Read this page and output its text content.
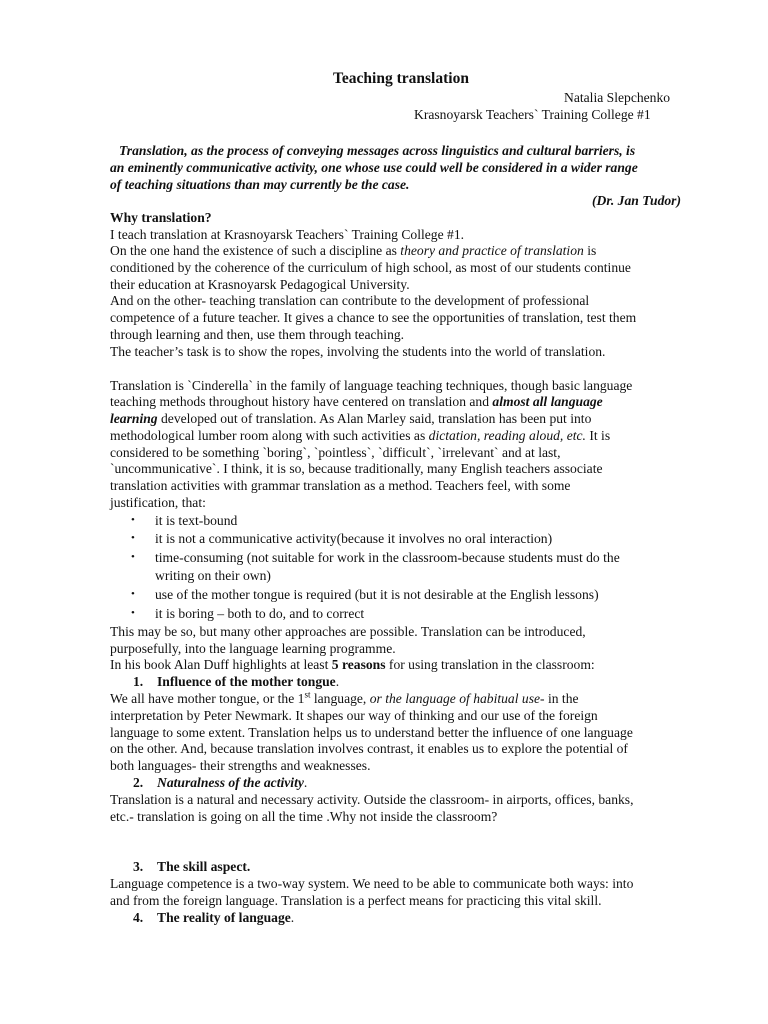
Teaching translation
Natalia Slepchenko
Krasnoyarsk Teachers` Training College #1
Translation, as the process of conveying messages across linguistics and cultural barriers, is
an eminently communicative activity, one whose use could well be considered in a wider range
of teaching situations than may currently be the case.
(Dr. Jan Tudor)
Why translation?
I teach translation at Krasnoyarsk Teachers` Training College #1.
On the one hand the existence of such a discipline as theory and practice of translation is
conditioned by the coherence of the curriculum of high school, as most of our students continue
their education at Krasnoyarsk Pedagogical University.
And on the other- teaching translation can contribute to the development of professional
competence of a future teacher. It gives a chance to see the opportunities of translation, test them
through learning and then, use them through teaching.
The teacher’s task is to show the ropes, involving the students into the world of translation.
Translation is `Cinderella` in the family of language teaching techniques, though basic language
teaching methods throughout history have centered on translation and almost all language
learning developed out of translation. As Alan Marley said, translation has been put into
methodological lumber room along with such activities as dictation, reading aloud, etc. It is
considered to be something `boring`, `pointless`, `difficult`, `irrelevant` and at last,
`uncommunicative`. I think, it is so, because traditionally, many English teachers associate
translation activities with grammar translation as a method. Teachers feel, with some
justification, that:
• it is text-bound
• it is not a communicative activity(because it involves no oral interaction)
• time-consuming (not suitable for work in the classroom-because students must do the
writing on their own)
• use of the mother tongue is required (but it is not desirable at the English lessons)
• it is boring – both to do, and to correct
This may be so, but many other approaches are possible. Translation can be introduced,
purposefully, into the language learning programme.
In his book Alan Duff highlights at least 5 reasons for using translation in the classroom:
1. Influence of the mother tongue.
We all have mother tongue, or the 1st language, or the language of habitual use- in the
interpretation by Peter Newmark. It shapes our way of thinking and our use of the foreign
language to some extent. Translation helps us to understand better the influence of one language
on the other. And, because translation involves contrast, it enables us to explore the potential of
both languages- their strengths and weaknesses.
2. Naturalness of the activity.
Translation is a natural and necessary activity. Outside the classroom- in airports, offices, banks,
etc.- translation is going on all the time .Why not inside the classroom?
3. The skill aspect.
Language competence is a two-way system. We need to be able to communicate both ways: into
and from the foreign language. Translation is a perfect means for practicing this vital skill.
4. The reality of language.
